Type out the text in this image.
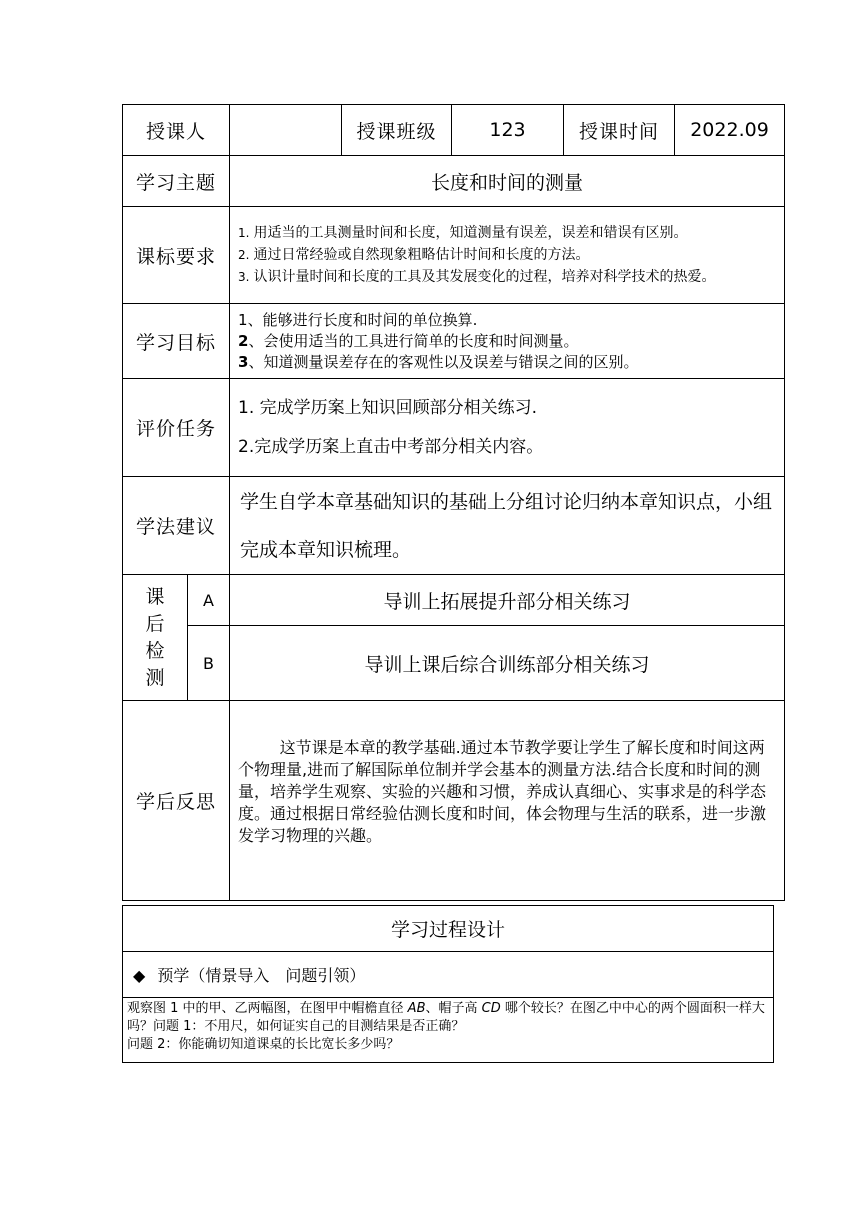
授课人			授课班级	123	授课时间	2022.09
学习主题		长度和时间的测量				
课标要求		1. 用适当的工具测量时间和长度，知道测量有误差，误差和错误有区别。
2. 通过日常经验或自然现象粗略估计时间和长度的方法。
3. 认识计量时间和长度的工具及其发展变化的过程，培养对科学技术的热爱。				

学习目标		1、能够进行长度和时间的单位换算.
2、会使用适当的工具进行简单的长度和时间测量。
3、知道测量误差存在的客观性以及误差与错误之间的区别。				

评价任务		1. 完成学历案上知识回顾部分相关练习.
2.完成学历案上直击中考部分相关内容。				

学法建议		学生自学本章基础知识的基础上分组讨论归纳本章知识点，小组完成本章知识梳理。				

课
后
检
测	A	导训上拓展提升部分相关练习				
	B	导训上课后综合训练部分相关练习				
学后反思		这节课是本章的教学基础.通过本节教学要让学生了解长度和时间这两个物理量,进而了解国际单位制并学会基本的测量方法.结合长度和时间的测量，培养学生观察、实验的兴趣和习惯，养成认真细心、实事求是的科学态度。通过根据日常经验估测长度和时间，体会物理与生活的联系，进一步激发学习物理的兴趣。				
学习过程设计
◆ 预学（情景导入　问题引领）
观察图 1 中的甲、乙两幅图，在图甲中帽檐直径 AB、帽子高 CD 哪个较长？在图乙中中心的两个圆面积一样大吗？问题 1：不用尺，如何证实自己的目测结果是否正确？
问题 2：你能确切知道课桌的长比宽长多少吗？
